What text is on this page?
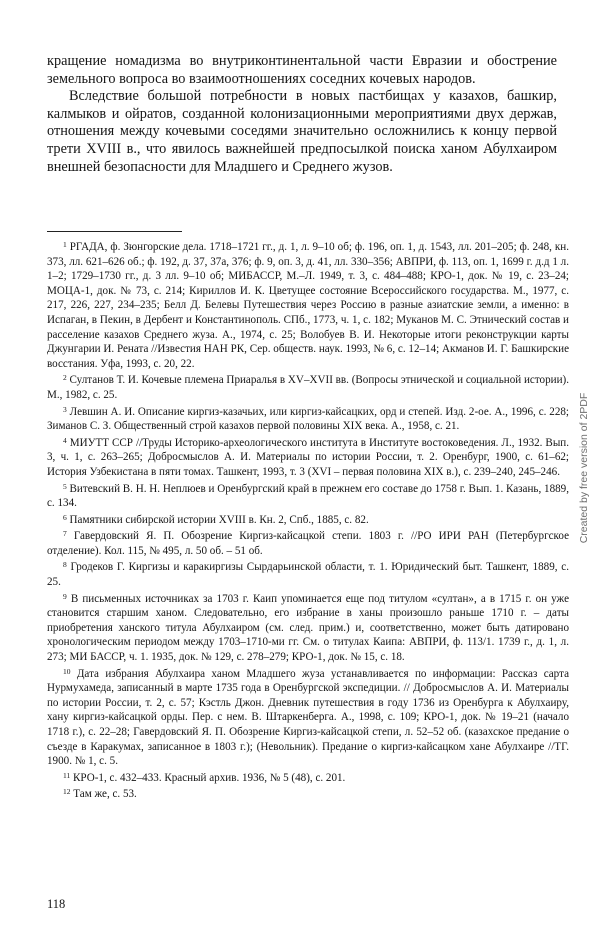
кращение номадизма во внутриконтинентальной части Евразии и обострение земельного вопроса во взаимоотношениях соседних кочевых народов.

Вследствие большой потребности в новых пастбищах у казахов, башкир, калмыков и ойратов, созданной колонизационными мероприятиями двух держав, отношения между кочевыми соседями значительно осложнились к концу первой трети XVIII в., что явилось важнейшей предпосылкой поиска ханом Абулхаиром внешней безопасности для Младшего и Среднего жузов.

$^1$ РГАДА, ф. Зюнгорские дела. 1718–1721 гг., д. 1, л. 9–10 об; ф. 196, оп. 1, д. 1543, лл. 201–205; ф. 248, кн. 373, лл. 621–626 об.; ф. 192, д. 37, 37а, 376; ф. 9, оп. 3, д. 41, лл. 330–356; АВПРИ, ф. 113, оп. 1, 1699 г. д.д 1 л. 1–2; 1729–1730 гг., д. 3 лл. 9–10 об; МИБАССР, М.–Л. 1949, т. 3, с. 484–488; КРО-1, док. № 19, с. 23–24; МОЦА-1, док. № 73, с. 214; Кириллов И. К. Цветущее состояние Всероссийского государства. М., 1977, с. 217, 226, 227, 234–235; Белл Д. Белевы Путешествия через Россию в разные азиатские земли, а именно: в Испаган, в Пекин, в Дербент и Константинополь. СПб., 1773, ч. 1, с. 182; Муканов М. С. Этнический состав и расселение казахов Среднего жуза. А., 1974, с. 25; Волобуев В. И. Некоторые итоги реконструкции карты Джунгарии И. Рената //Известия НАН РК, Сер. обществ. наук. 1993, № 6, с. 12–14; Акманов И. Г. Башкирские восстания. Уфа, 1993, с. 20, 22.

$^2$ Султанов Т. И. Кочевые племена Приаралья в XV–XVII вв. (Вопросы этнической и социальной истории). М., 1982, с. 25.

$^3$ Левшин А. И. Описание киргиз-казачьих, или киргиз-кайсацких, орд и степей. Изд. 2-ое. А., 1996, с. 228; Зиманов С. З. Общественный строй казахов первой половины XIX века. А., 1958, с. 21.

$^4$ МИУТТ ССР //Труды Историко-археологического института в Институте востоковедения. Л., 1932. Вып. 3, ч. 1, с. 263–265; Добросмыслов А. И. Материалы по истории России, т. 2. Оренбург, 1900, с. 61–62; История Узбекистана в пяти томах. Ташкент, 1993, т. 3 (XVI – первая половина XIX в.), с. 239–240, 245–246.

$^5$ Витевский В. Н. Н. Неплюев и Оренбургский край в прежнем его составе до 1758 г. Вып. 1. Казань, 1889, с. 134.

$^6$ Памятники сибирской истории XVIII в. Кн. 2, Спб., 1885, с. 82.

$^7$ Гавердовский Я. П. Обозрение Киргиз-кайсацкой степи. 1803 г. //РО ИРИ РАН (Петербургское отделение). Кол. 115, № 495, л. 50 об. – 51 об.

$^8$ Гродеков Г. Киргизы и каракиргизы Сырдарьинской области, т. 1. Юридический быт. Ташкент, 1889, с. 25.

$^9$ В письменных источниках за 1703 г. Каип упоминается еще под титулом «султан», а в 1715 г. он уже становится старшим ханом. Следовательно, его избрание в ханы произошло раньше 1710 г. – даты приобретения ханского титула Абулхаиром (см. след. прим.) и, соответственно, может быть датировано хронологическим периодом между 1703–1710-ми гг. См. о титулах Каипа: АВПРИ, ф. 113/1. 1739 г., д. 1, л. 273; МИ БАССР, ч. 1. 1935, док. № 129, с. 278–279; КРО-1, док. № 15, с. 18.

$^{10}$ Дата избрания Абулхаира ханом Младшего жуза устанавливается по информации: Рассказ сарта Нурмухамеда, записанный в марте 1735 года в Оренбургской экспедиции. // Добросмыслов А. И. Материалы по истории России, т. 2, с. 57; Кэстль Джон. Дневник путешествия в году 1736 из Оренбурга к Абулхаиру, хану киргиз-кайсацкой орды. Пер. с нем. В. Штаркенберга. А., 1998, с. 109; КРО-1, док. № 19–21 (начало 1718 г.), с. 22–28; Гавердовский Я. П. Обозрение Киргиз-кайсацкой степи, л. 52–52 об. (казахское предание о съезде в Каракумах, записанное в 1803 г.); (Невольник). Предание о киргиз-кайсацком хане Абулхаире //ТГ. 1900. № 1, с. 5.

$^{11}$ КРО-1, с. 432–433. Красный архив. 1936, № 5 (48), с. 201.

$^{12}$ Там же, с. 53.

118
Created by free version of 2PDF
